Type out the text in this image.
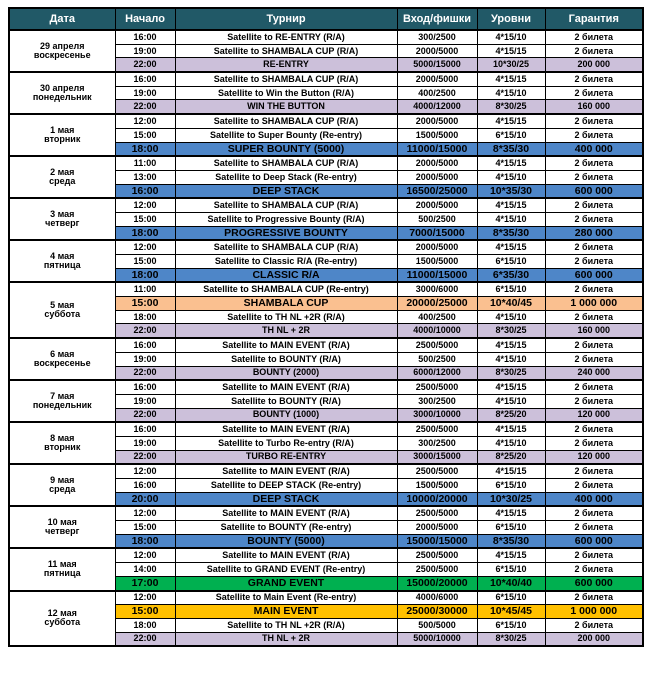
Дата	Начало	Турнир	Вход/фишки	Уровни	Гарантия

29 апреля
воскресенье	16:00	Satellite to RE-ENTRY (R/A)	300/2500	4*15/10	2 билета
	19:00	Satellite to SHAMBALA CUP (R/A)	2000/5000	4*15/15	2 билета
	22:00	RE-ENTRY	5000/15000	10*30/25	200 000

30 апреля
понедельник	16:00	Satellite to SHAMBALA CUP (R/A)	2000/5000	4*15/15	2 билета
	19:00	Satellite to Win the Button (R/A)	400/2500	4*15/10	2 билета
	22:00	WIN THE BUTTON	4000/12000	8*30/25	160 000

1 мая
вторник	12:00	Satellite to SHAMBALA CUP (R/A)	2000/5000	4*15/15	2 билета
	15:00	Satellite to Super Bounty (Re-entry)	1500/5000	6*15/10	2 билета
	18:00	SUPER BOUNTY (5000)	11000/15000	8*35/30	400 000

2 мая
среда	11:00	Satellite to SHAMBALA CUP (R/A)	2000/5000	4*15/15	2 билета
	13:00	Satellite to Deep Stack (Re-entry)	2000/5000	4*15/10	2 билета
	16:00	DEEP STACK	16500/25000	10*35/30	600 000

3 мая
четверг	12:00	Satellite to SHAMBALA CUP (R/A)	2000/5000	4*15/15	2 билета
	15:00	Satellite to Progressive Bounty (R/A)	500/2500	4*15/10	2 билета
	18:00	PROGRESSIVE BOUNTY	7000/15000	8*35/30	280 000

4 мая
пятница	12:00	Satellite to SHAMBALA CUP (R/A)	2000/5000	4*15/15	2 билета
	15:00	Satellite to Classic R/A (Re-entry)	1500/5000	6*15/10	2 билета
	18:00	CLASSIC R/A	11000/15000	6*35/30	600 000

5 мая
суббота	11:00	Satellite to SHAMBALA CUP (Re-entry)	3000/6000	6*15/10	2 билета
	15:00	SHAMBALA CUP	20000/25000	10*40/45	1 000 000
	18:00	Satellite to TH NL +2R (R/A)	400/2500	4*15/10	2 билета
	22:00	TH NL + 2R	4000/10000	8*30/25	160 000

6 мая
воскресенье	16:00	Satellite to MAIN EVENT (R/A)	2500/5000	4*15/15	2 билета
	19:00	Satellite to BOUNTY (R/A)	500/2500	4*15/10	2 билета
	22:00	BOUNTY (2000)	6000/12000	8*30/25	240 000

7 мая
понедельник	16:00	Satellite to MAIN EVENT (R/A)	2500/5000	4*15/15	2 билета
	19:00	Satellite to BOUNTY (R/A)	300/2500	4*15/10	2 билета
	22:00	BOUNTY (1000)	3000/10000	8*25/20	120 000

8 мая
вторник	16:00	Satellite to MAIN EVENT (R/A)	2500/5000	4*15/15	2 билета
	19:00	Satellite to Turbo Re-entry (R/A)	300/2500	4*15/10	2 билета
	22:00	TURBO RE-ENTRY	3000/15000	8*25/20	120 000

9 мая
среда	12:00	Satellite to MAIN EVENT (R/A)	2500/5000	4*15/15	2 билета
	16:00	Satellite to DEEP STACK (Re-entry)	1500/5000	6*15/10	2 билета
	20:00	DEEP STACK	10000/20000	10*30/25	400 000

10 мая
четверг	12:00	Satellite to MAIN EVENT (R/A)	2500/5000	4*15/15	2 билета
	15:00	Satellite to BOUNTY (Re-entry)	2000/5000	6*15/10	2 билета
	18:00	BOUNTY (5000)	15000/15000	8*35/30	600 000

11 мая
пятница	12:00	Satellite to MAIN EVENT (R/A)	2500/5000	4*15/15	2 билета
	14:00	Satellite to GRAND EVENT (Re-entry)	2500/5000	6*15/10	2 билета
	17:00	GRAND EVENT	15000/20000	10*40/40	600 000

12 мая
суббота	12:00	Satellite to Main Event (Re-entry)	4000/6000	6*15/10	2 билета
	15:00	MAIN EVENT	25000/30000	10*45/45	1 000 000
	18:00	Satellite to TH NL +2R (R/A)	500/5000	6*15/10	2 билета
	22:00	TH NL + 2R	5000/10000	8*30/25	200 000
